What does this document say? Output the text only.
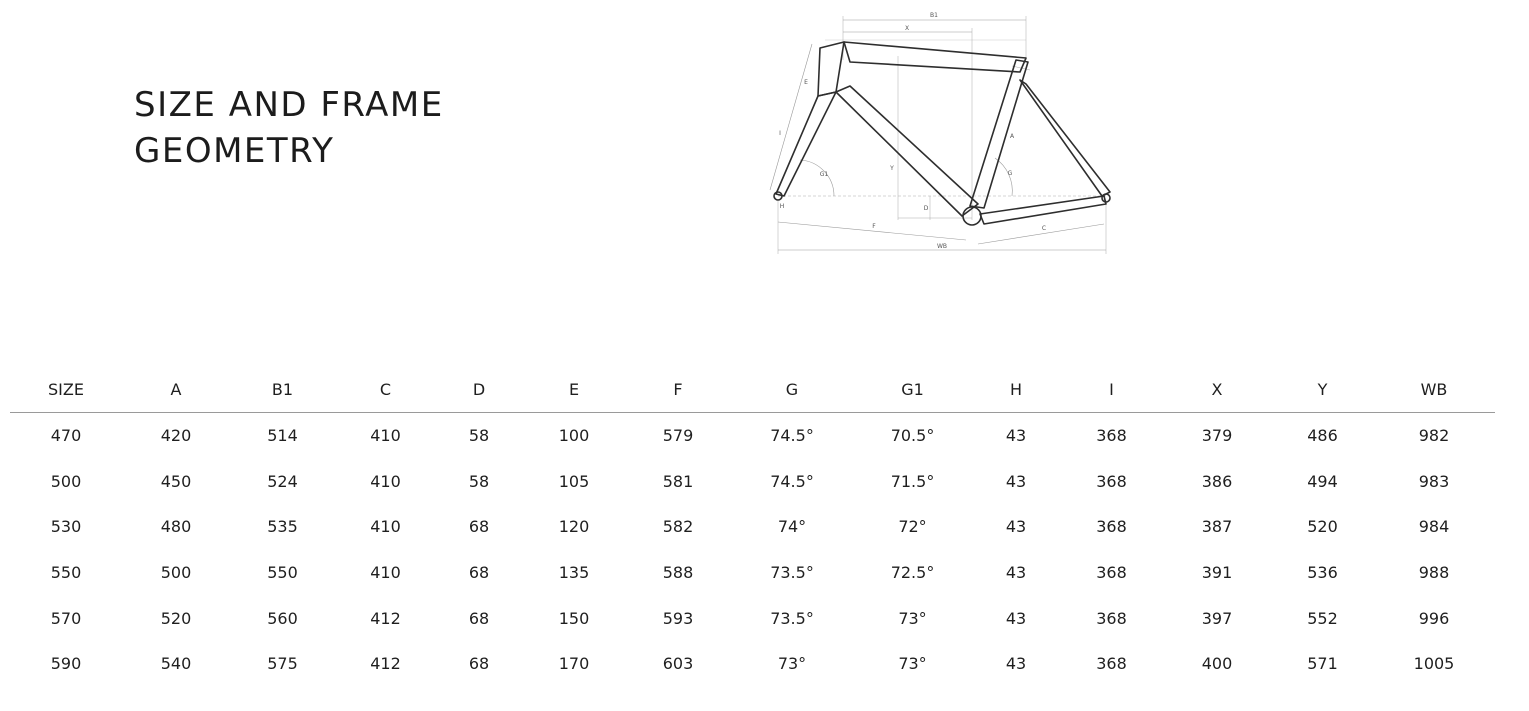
SIZE AND FRAME
GEOMETRY
B1
X
E
I	A
G
G1
Y
D
H
F	C
WB
SIZE	A	B1	C	D	E	F	G	G1	H	I	X	Y	WB
470	420	514	410	58	100	579	74.5°	70.5°	43	368	379	486	982
500	450	524	410	58	105	581	74.5°	71.5°	43	368	386	494	983
530	480	535	410	68	120	582	74°	72°	43	368	387	520	984
550	500	550	410	68	135	588	73.5°	72.5°	43	368	391	536	988
570	520	560	412	68	150	593	73.5°	73°	43	368	397	552	996
590	540	575	412	68	170	603	73°	73°	43	368	400	571	1005
